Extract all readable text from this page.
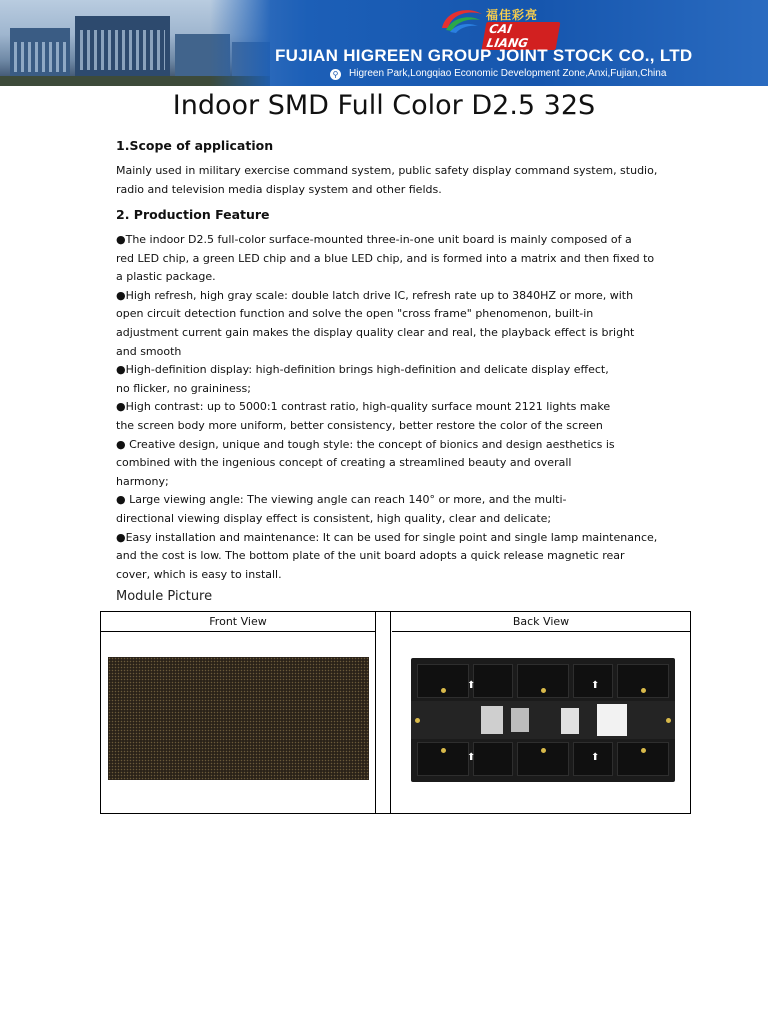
福佳彩亮
CAI LIANG
FUJIAN HIGREEN GROUP JOINT STOCK CO., LTD
⚲ Higreen Park,Longqiao Economic Development Zone,Anxi,Fujian,China
Indoor SMD Full Color D2.5 32S
1.Scope of application
Mainly used in military exercise command system, public safety display command system, studio,
radio and television media display system and other fields.
2. Production Feature
●The indoor D2.5 full-color surface-mounted three-in-one unit board is mainly composed of a
red LED chip, a green LED chip and a blue LED chip, and is formed into a matrix and then fixed to
a plastic package.
●High refresh, high gray scale: double latch drive IC, refresh rate up to 3840HZ or more, with
open circuit detection function and solve the open "cross frame" phenomenon, built-in
adjustment current gain makes the display quality clear and real, the playback effect is bright
and smooth
●High-definition display: high-definition brings high-definition and delicate display effect,
no flicker, no graininess;
●High contrast: up to 5000:1 contrast ratio, high-quality surface mount 2121 lights make
the screen body more uniform, better consistency, better restore the color of the screen
● Creative design, unique and tough style: the concept of bionics and design aesthetics is
combined with the ingenious concept of creating a streamlined beauty and overall
harmony;
● Large viewing angle: The viewing angle can reach 140° or more, and the multi-
directional viewing display effect is consistent, high quality, clear and delicate;
●Easy installation and maintenance: It can be used for single point and single lamp maintenance,
and the cost is low. The bottom plate of the unit board adopts a quick release magnetic rear
cover, which is easy to install.
Module Picture
Front View	Back View
⬆	⬆
⬆	⬆
